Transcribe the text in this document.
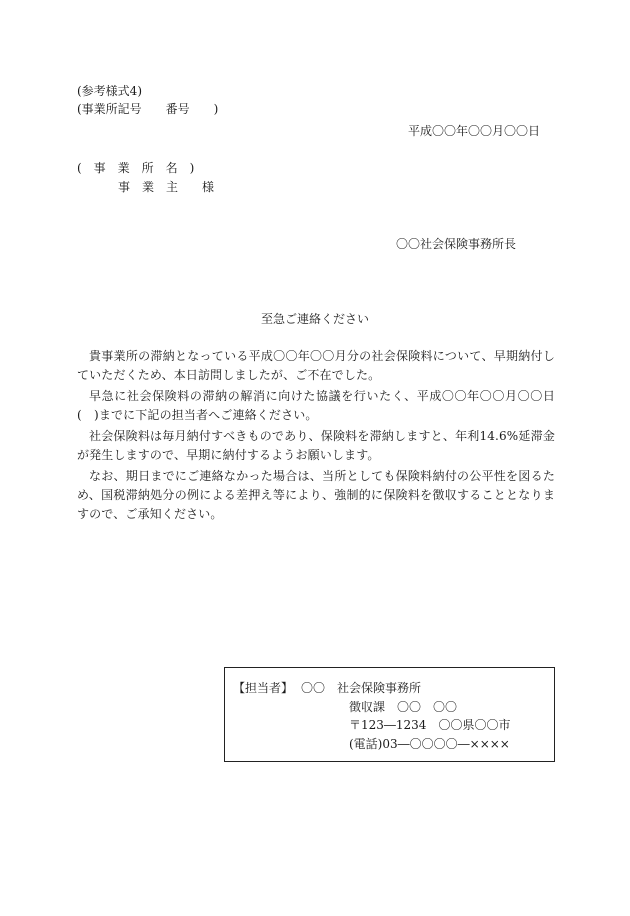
(参考様式4)
(事業所記号　　番号　　)
平成〇〇年〇〇月〇〇日
(　事　業　所　名　)
事　業　主　　様
〇〇社会保険事務所長
至急ご連絡ください

貴事業所の滞納となっている平成〇〇年〇〇月分の社会保険料について、早期納付していただくため、本日訪問しましたが、ご不在でした。

早急に社会保険料の滞納の解消に向けた協議を行いたく、平成〇〇年〇〇月〇〇日(　)までに下記の担当者へご連絡ください。

社会保険料は毎月納付すべきものであり、保険料を滞納しますと、年利14.6%延滞金が発生しますので、早期に納付するようお願いします。

なお、期日までにご連絡なかった場合は、当所としても保険料納付の公平性を図るため、国税滞納処分の例による差押え等により、強制的に保険料を徴収することとなりますので、ご承知ください。

【担当者】 〇〇　社会保険事務所
徴収課　〇〇　〇〇
〒123―1234　〇〇県〇〇市
(電話)03―〇〇〇〇―××××
